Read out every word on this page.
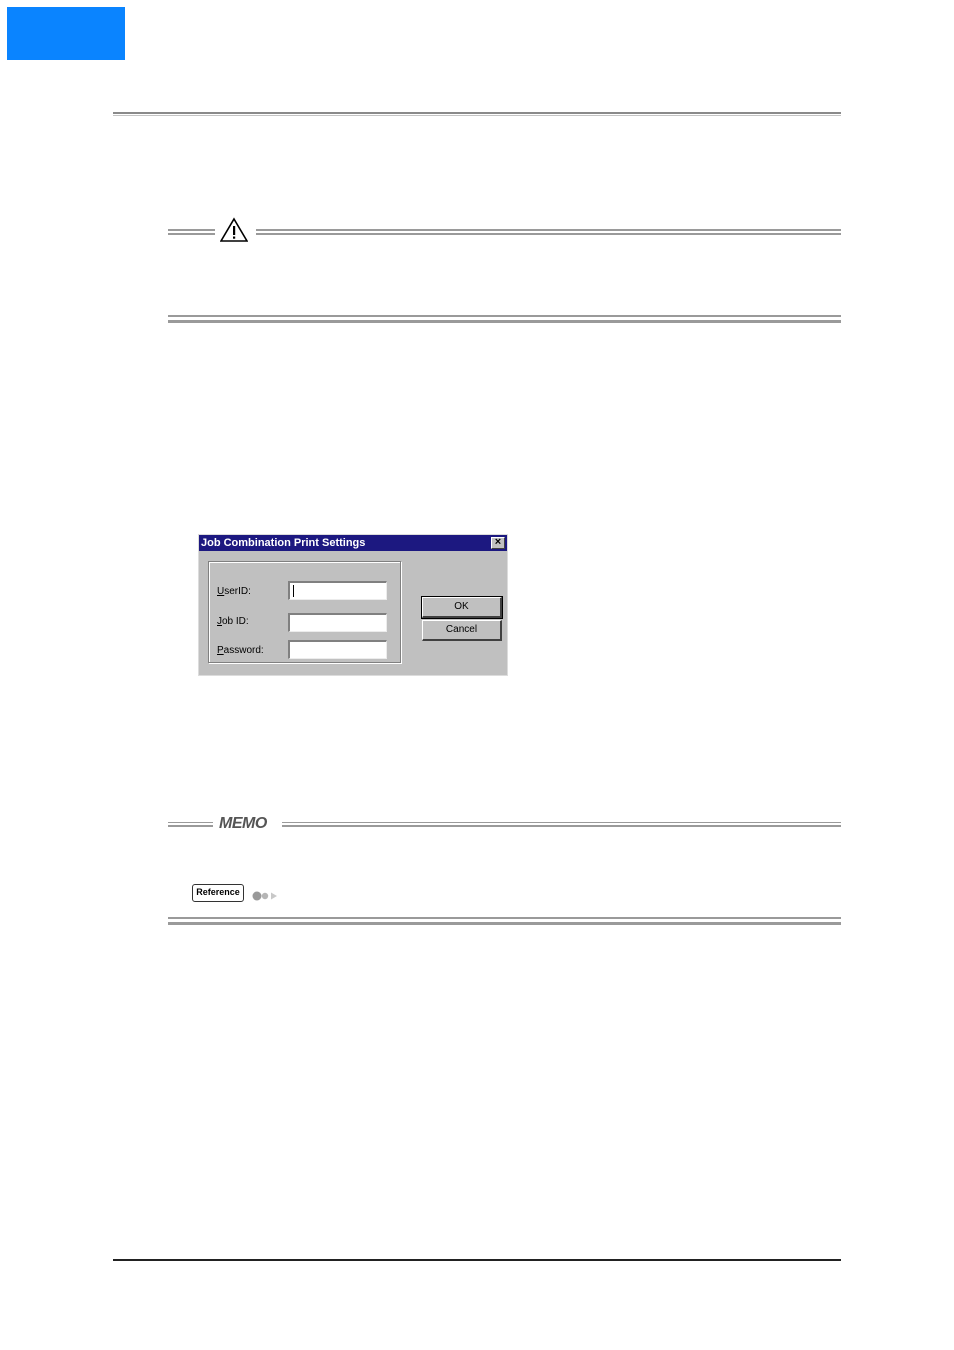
Job Combination Print Settings	×
UserID:
Job ID:
Password:
OK
Cancel
MEMO
Reference
